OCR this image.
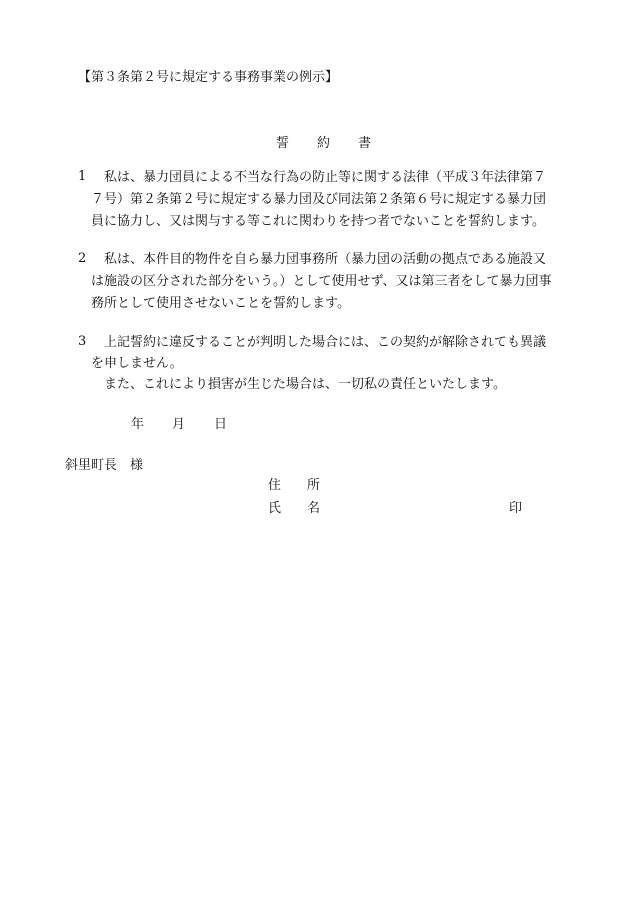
【第３条第２号に規定する事務事業の例示】
誓 約 書
1 私は、暴力団員による不当な行為の防止等に関する法律（平成３年法律第７
７号）第２条第２号に規定する暴力団及び同法第２条第６号に規定する暴力団
員に協力し、又は関与する等これに関わりを持つ者でないことを誓約します。
2 私は、本件目的物件を自ら暴力団事務所（暴力団の活動の拠点である施設又
は施設の区分された部分をいう。）として使用せず、又は第三者をして暴力団事
務所として使用させないことを誓約します。
3 上記誓約に違反することが判明した場合には、この契約が解除されても異議
を申しません。
また、これにより損害が生じた場合は、一切私の責任といたします。
年 月 日
斜里町長　様
住 所
氏 名	印
